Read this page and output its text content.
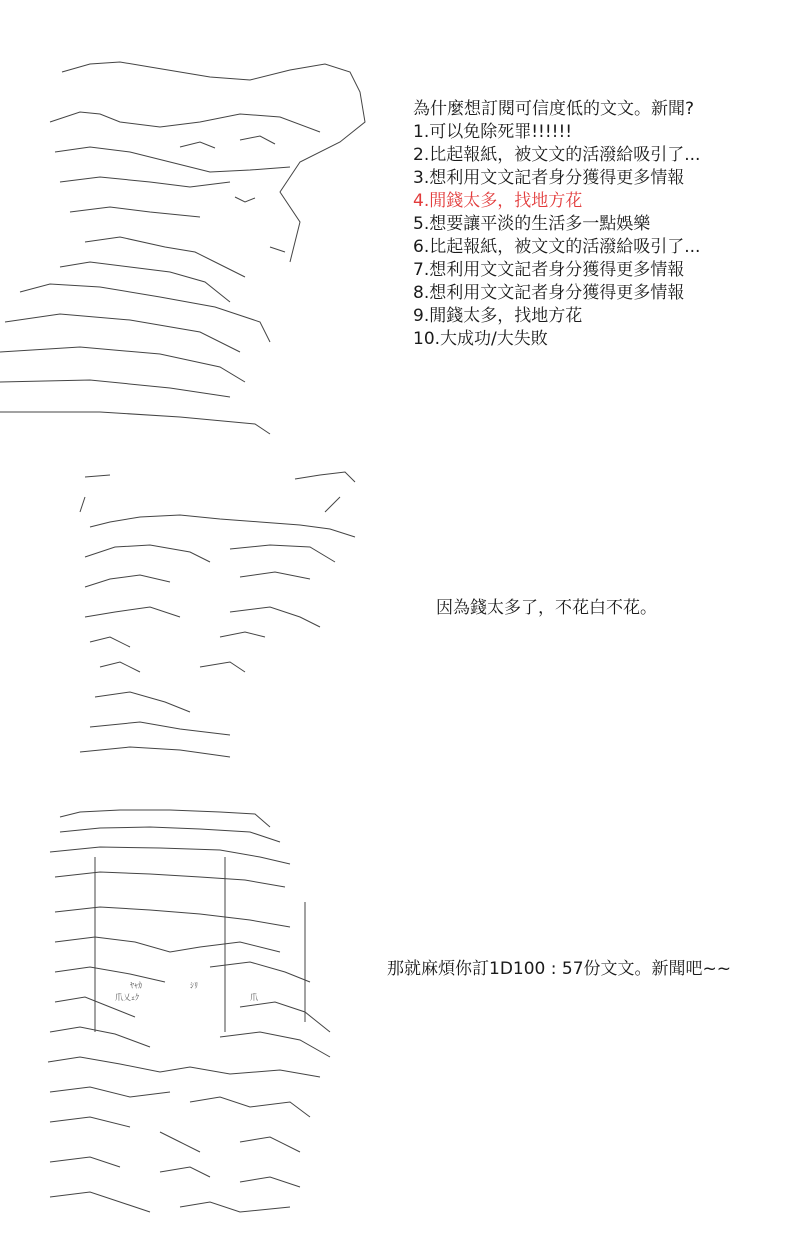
為什麼想訂閱可信度低的文文。新聞?
1.可以免除死罪!!!!!!
2.比起報紙，被文文的活潑給吸引了...
3.想利用文文記者身分獲得更多情報
4.閒錢太多，找地方花
5.想要讓平淡的生活多一點娛樂
6.比起報紙，被文文的活潑給吸引了...
7.想利用文文記者身分獲得更多情報
8.想利用文文記者身分獲得更多情報
9.閒錢太多，找地方花
10.大成功/大失敗

因為錢太多了，不花白不花。

ﾔｬｶ	ｼﾘ
爪乂ｪｸ	爪

那就麻煩你訂1D100 : 57份文文。新聞吧~~
